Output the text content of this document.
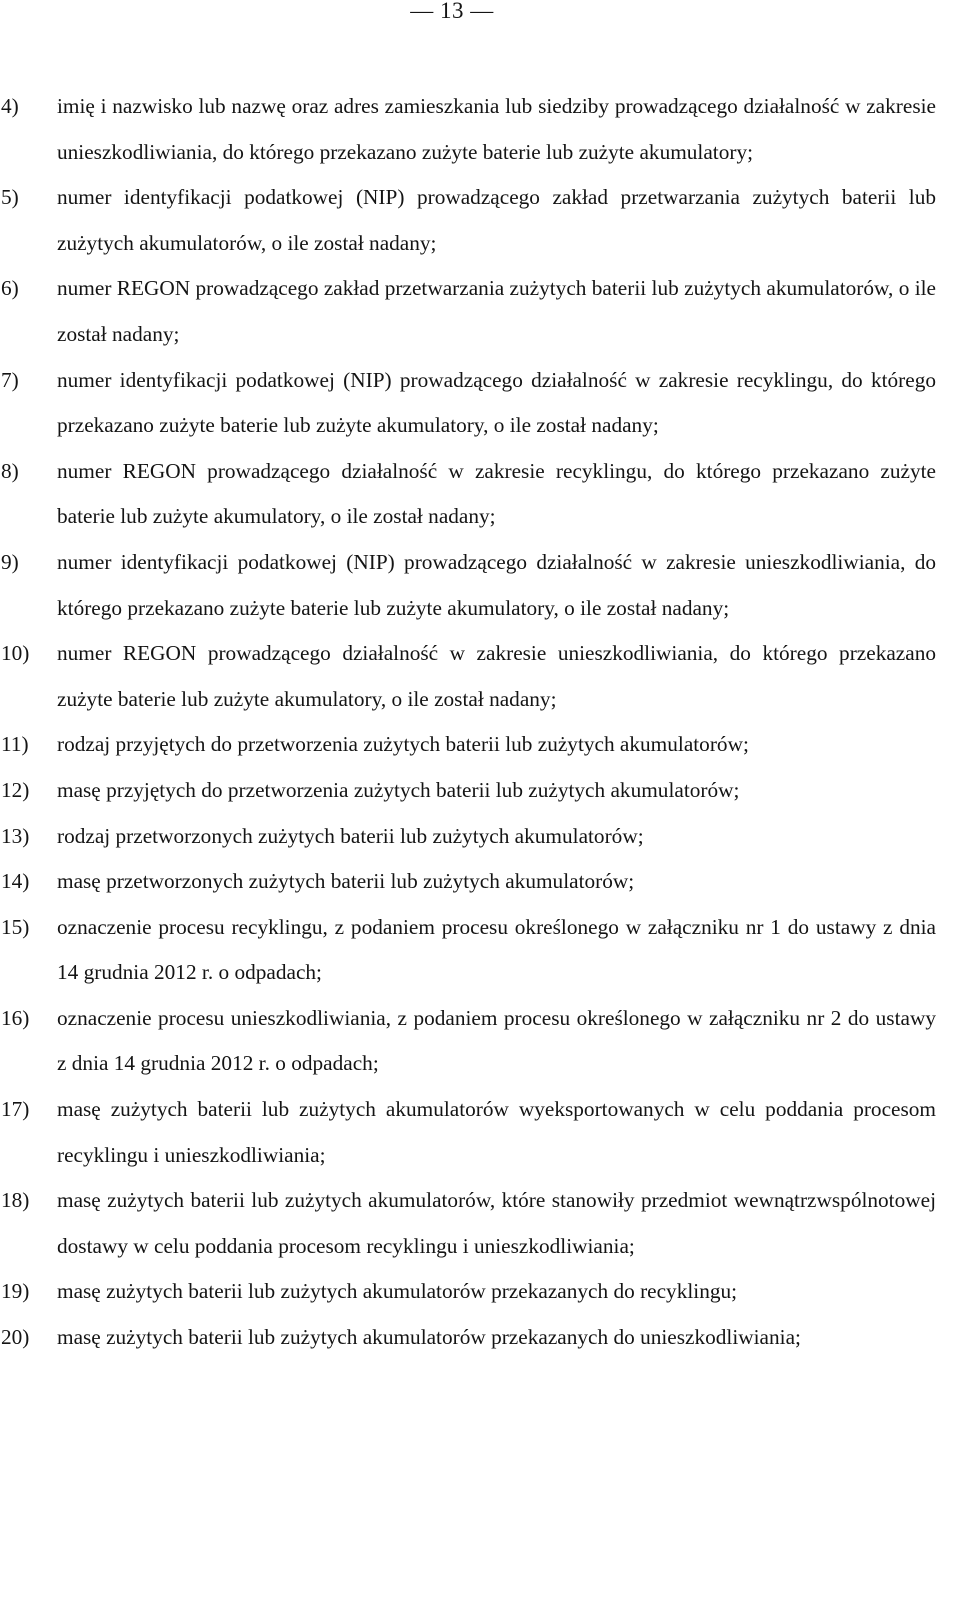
— 13 —
4) imię i nazwisko lub nazwę oraz adres zamieszkania lub siedziby prowadzącego działalność w zakresie unieszkodliwiania, do którego przekazano zużyte baterie lub zużyte akumulatory;
5) numer identyfikacji podatkowej (NIP) prowadzącego zakład przetwarzania zużytych baterii lub zużytych akumulatorów, o ile został nadany;
6) numer REGON prowadzącego zakład przetwarzania zużytych baterii lub zużytych akumulatorów, o ile został nadany;
7) numer identyfikacji podatkowej (NIP) prowadzącego działalność w zakresie recyklingu, do którego przekazano zużyte baterie lub zużyte akumulatory, o ile został nadany;
8) numer REGON prowadzącego działalność w zakresie recyklingu, do którego przekazano zużyte baterie lub zużyte akumulatory, o ile został nadany;
9) numer identyfikacji podatkowej (NIP) prowadzącego działalność w zakresie unieszkodliwiania, do którego przekazano zużyte baterie lub zużyte akumulatory, o ile został nadany;
10) numer REGON prowadzącego działalność w zakresie unieszkodliwiania, do którego przekazano zużyte baterie lub zużyte akumulatory, o ile został nadany;
11) rodzaj przyjętych do przetworzenia zużytych baterii lub zużytych akumulatorów;
12) masę przyjętych do przetworzenia zużytych baterii lub zużytych akumulatorów;
13) rodzaj przetworzonych zużytych baterii lub zużytych akumulatorów;
14) masę przetworzonych zużytych baterii lub zużytych akumulatorów;
15) oznaczenie procesu recyklingu, z podaniem procesu określonego w załączniku nr 1 do ustawy z dnia 14 grudnia 2012 r. o odpadach;
16) oznaczenie procesu unieszkodliwiania, z podaniem procesu określonego w załączniku nr 2 do ustawy z dnia 14 grudnia 2012 r. o odpadach;
17) masę zużytych baterii lub zużytych akumulatorów wyeksportowanych w celu poddania procesom recyklingu i unieszkodliwiania;
18) masę zużytych baterii lub zużytych akumulatorów, które stanowiły przedmiot wewnątrzwspólnotowej dostawy w celu poddania procesom recyklingu i unieszkodliwiania;
19) masę zużytych baterii lub zużytych akumulatorów przekazanych do recyklingu;
20) masę zużytych baterii lub zużytych akumulatorów przekazanych do unieszkodliwiania;
